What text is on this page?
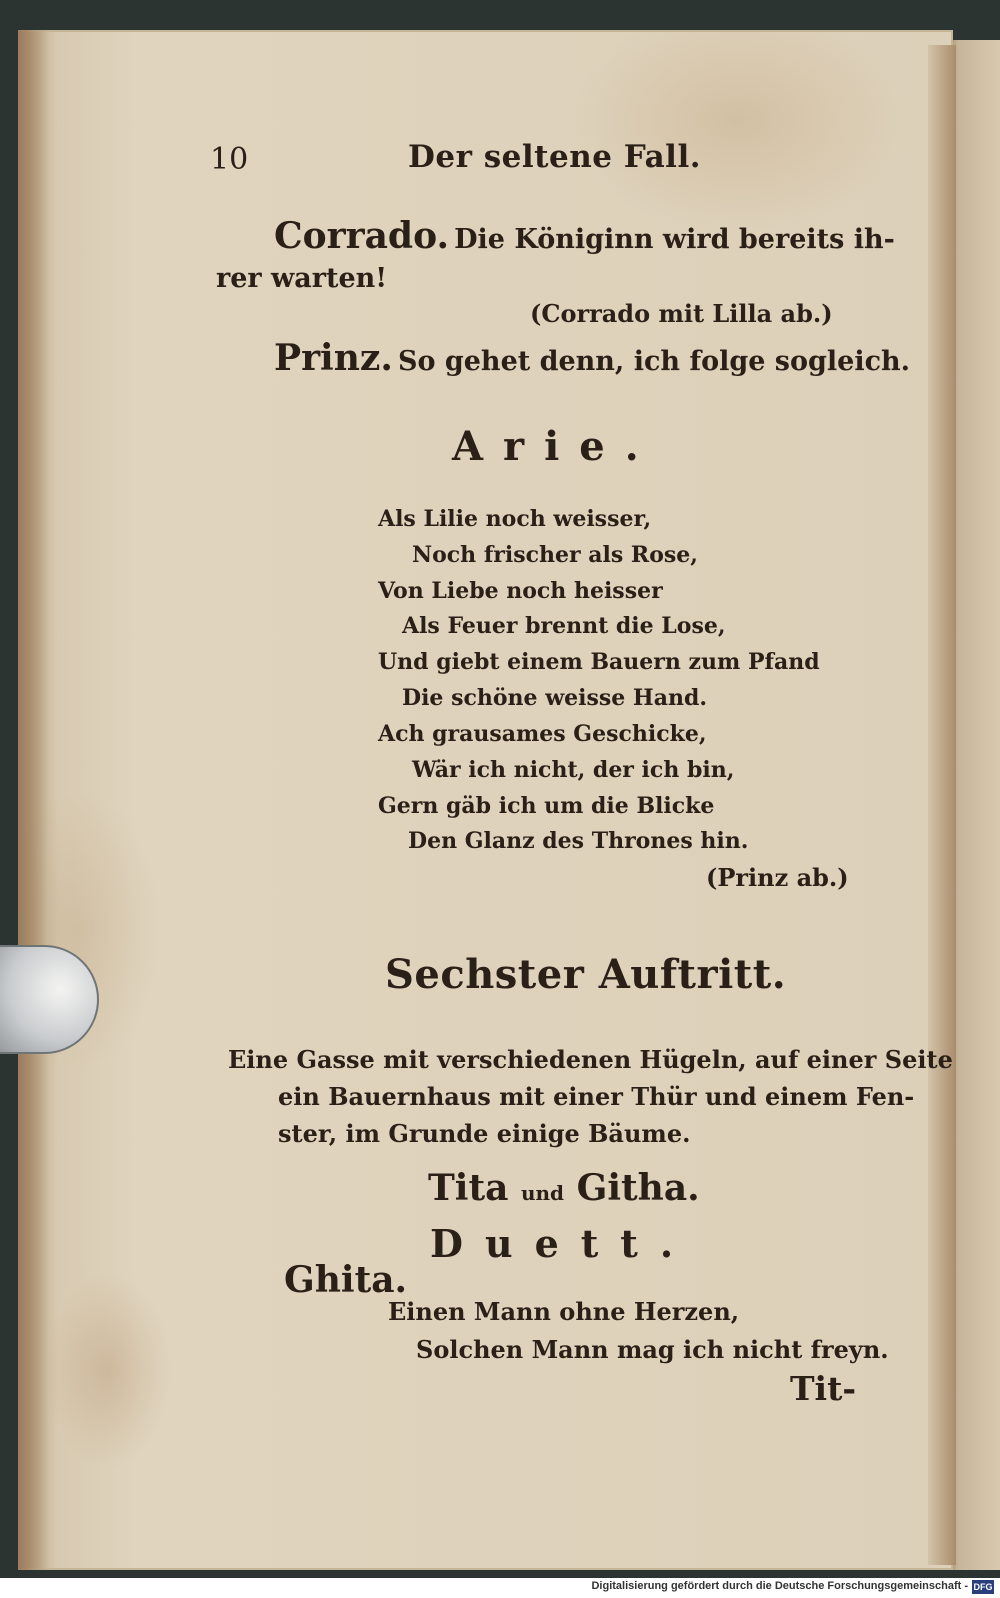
10	Der seltene Fall.
Corrado. Die Königinn wird bereits ih-
rer warten!
(Corrado mit Lilla ab.)
Prinz. So gehet denn, ich folge sogleich.
Arie.
Als Lilie noch weisser,
Noch frischer als Rose,
Von Liebe noch heisser
Als Feuer brennt die Lose,
Und giebt einem Bauern zum Pfand
Die schöne weisse Hand.
Ach grausames Geschicke,
Wär ich nicht, der ich bin,
Gern gäb ich um die Blicke
Den Glanz des Thrones hin.
(Prinz ab.)
Sechster Auftritt.
Eine Gasse mit verschiedenen Hügeln, auf einer Seite
ein Bauernhaus mit einer Thür und einem Fen-
ster, im Grunde einige Bäume.
Tita und Githa.
Duett.
Ghita.
Einen Mann ohne Herzen,
Solchen Mann mag ich nicht freyn.
Tit-
Digitalisierung gefördert durch die Deutsche Forschungsgemeinschaft - DFG
